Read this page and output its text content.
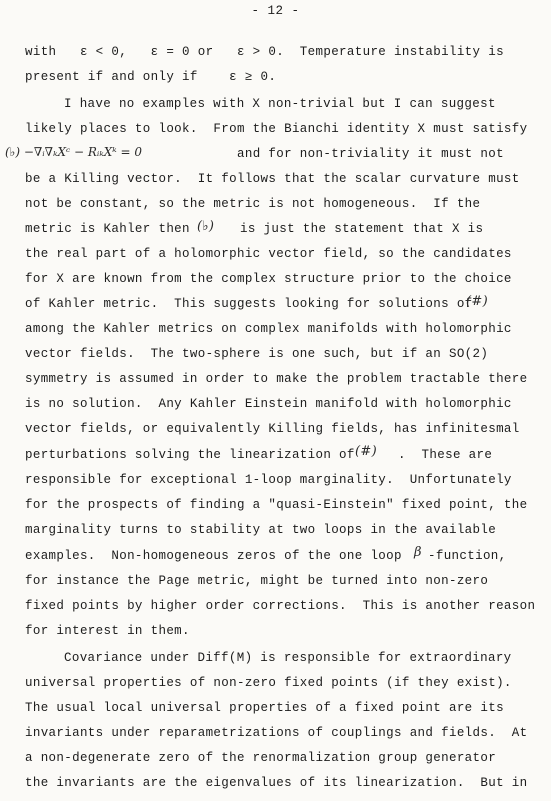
- 12 -
with   ε < 0,   ε = 0 or   ε > 0.  Temperature instability is
present if and only if    ε ≥ 0.
I have no examples with X non-trivial but I can suggest
likely places to look.  From the Bianchi identity X must satisfy
(♭) −∇ᵢ∇ₖXᶜ − RᵢₖXᵏ = 0	and for non-triviality it must not
be a Killing vector.  It follows that the scalar curvature must
not be constant, so the metric is not homogeneous.  If the
metric is Kahler then (♭) is just the statement that X is
the real part of a holomorphic vector field, so the candidates
for X are known from the complex structure prior to the choice
of Kahler metric.  This suggests looking for solutions of
(#)
among the Kahler metrics on complex manifolds with holomorphic
vector fields.  The two-sphere is one such, but if an SO(2)
symmetry is assumed in order to make the problem tractable there
is no solution.  Any Kahler Einstein manifold with holomorphic
vector fields, or equivalently Killing fields, has infinitesmal
perturbations solving the linearization of (#) .  These are
responsible for exceptional 1-loop marginality.  Unfortunately
for the prospects of finding a "quasi-Einstein" fixed point, the
marginality turns to stability at two loops in the available
examples.  Non-homogeneous zeros of the one loop β -function,
for instance the Page metric, might be turned into non-zero
fixed points by higher order corrections.  This is another reason
for interest in them.
Covariance under Diff(M) is responsible for extraordinary
universal properties of non-zero fixed points (if they exist).
The usual local universal properties of a fixed point are its
invariants under reparametrizations of couplings and fields.  At
a non-degenerate zero of the renormalization group generator
the invariants are the eigenvalues of its linearization.  But in
